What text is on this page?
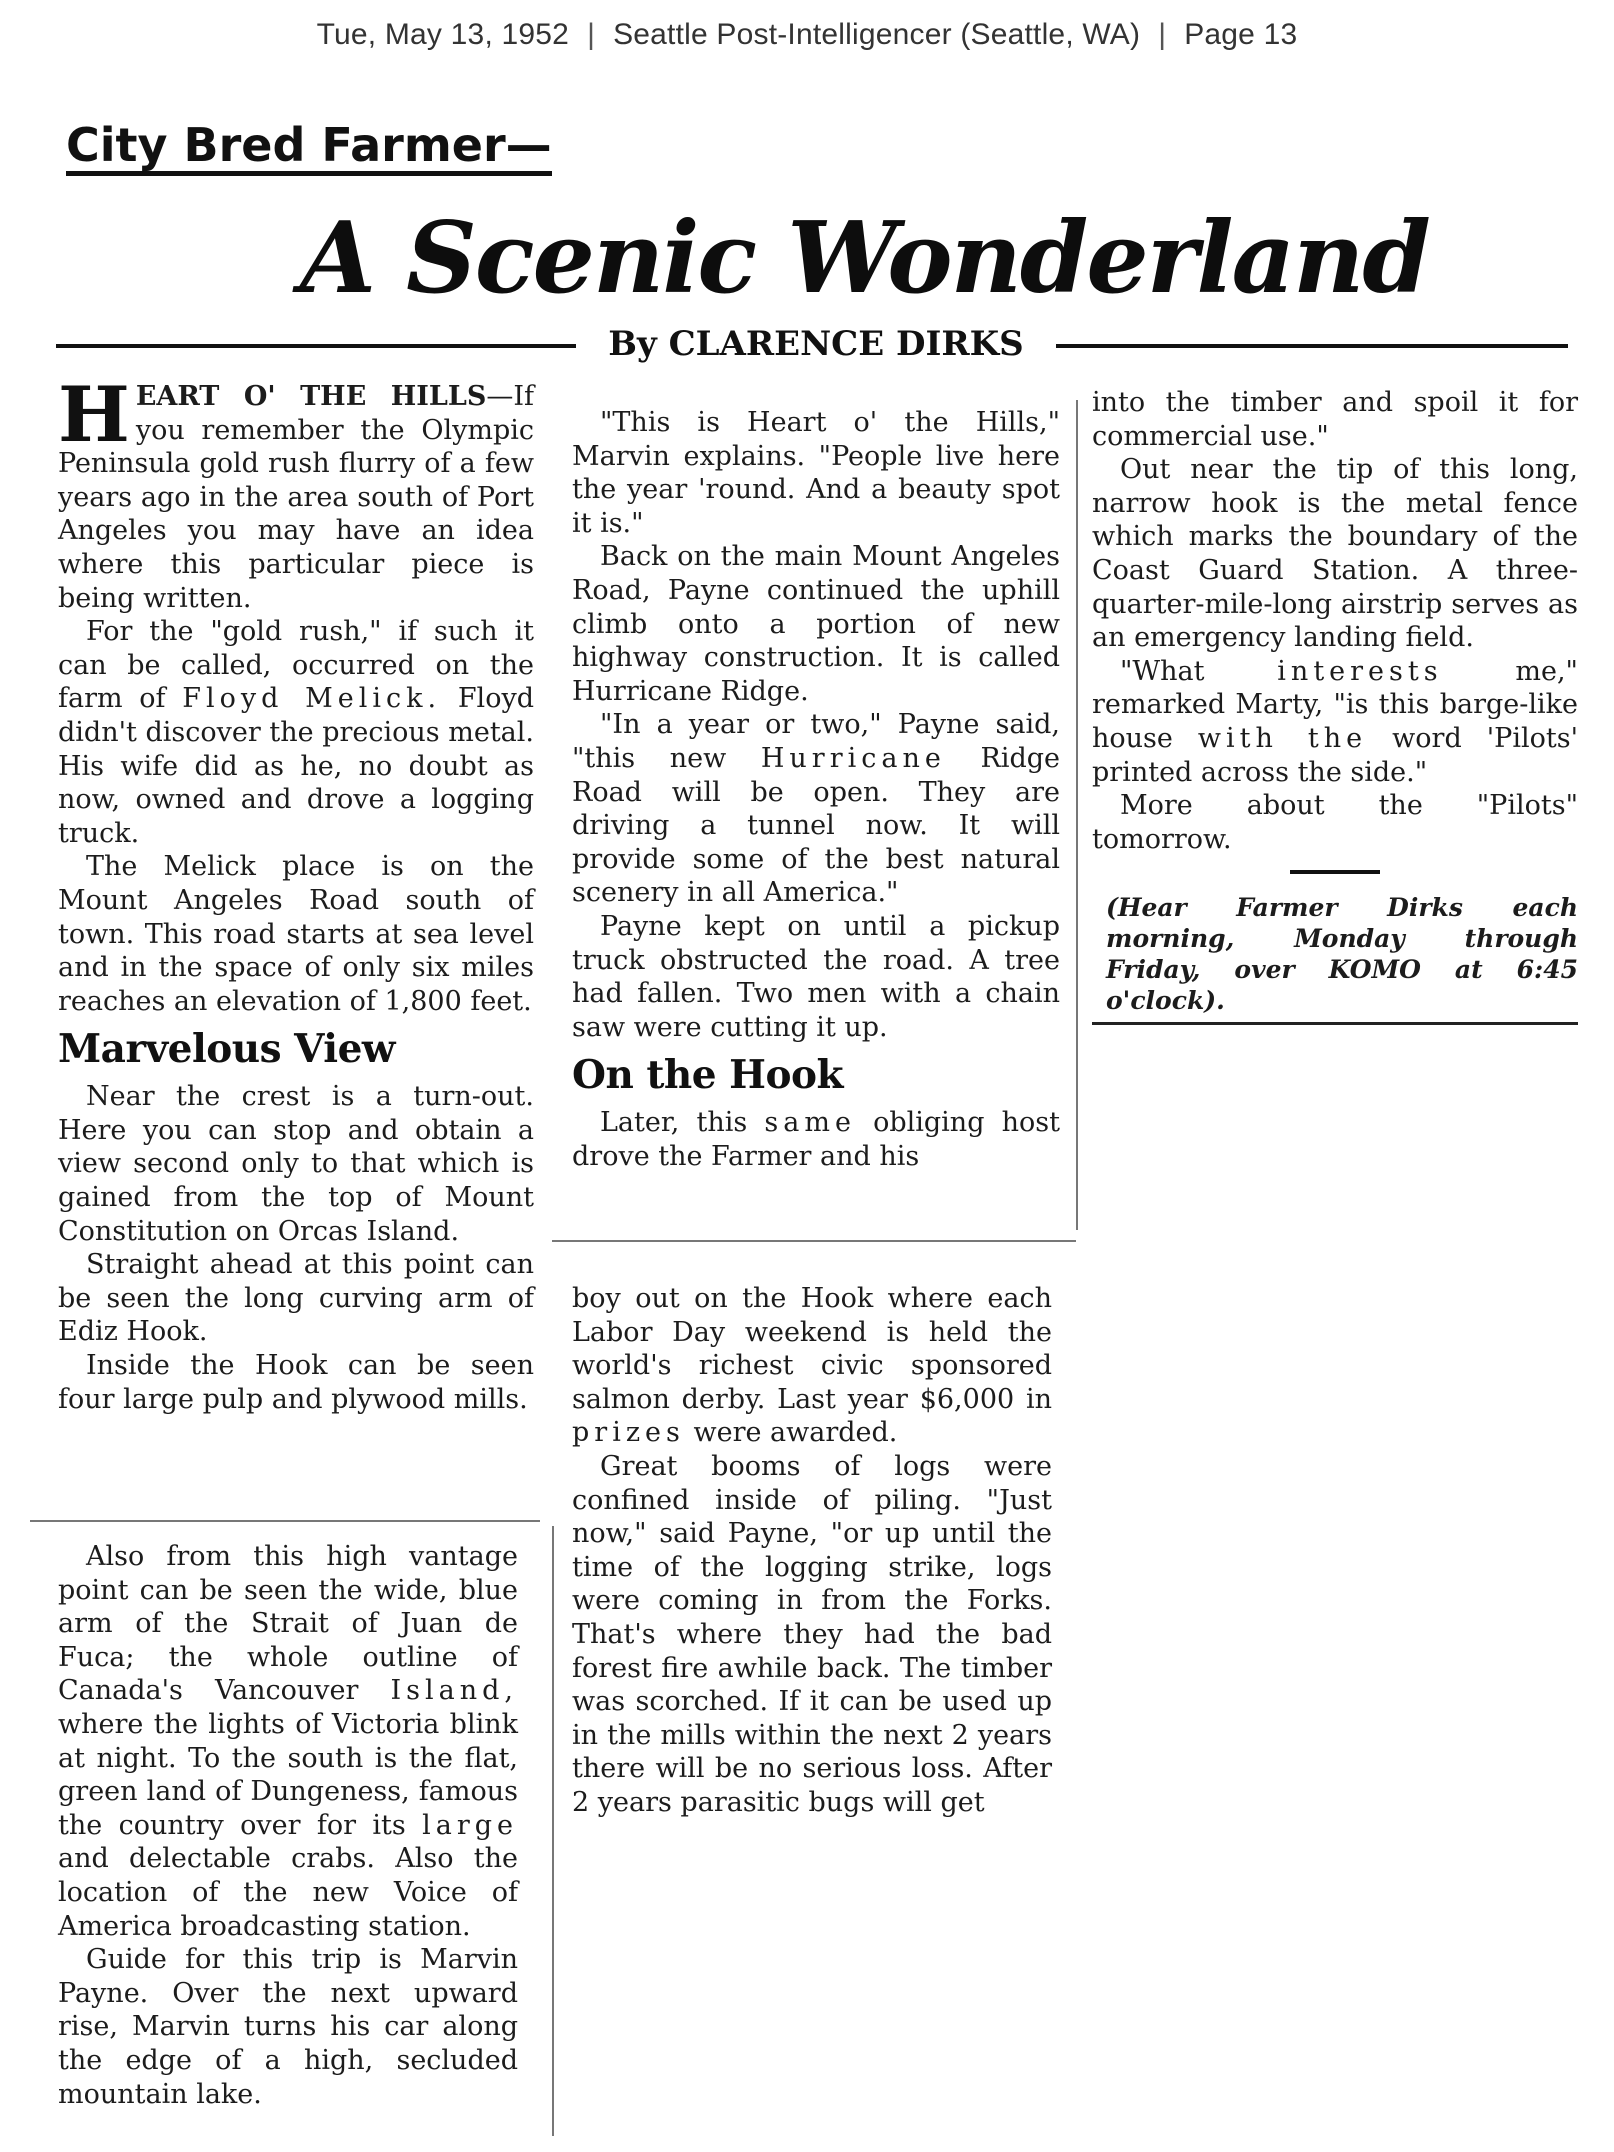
Tue, May 13, 1952 | Seattle Post-Intelligencer (Seattle, WA) | Page 13
City Bred Farmer—
A Scenic Wonderland
By CLARENCE DIRKS

HEART O' THE HILLS—If you remember the Olympic Peninsula gold rush flurry of a few years ago in the area south of Port Angeles you may have an idea where this particular piece is being written.

For the "gold rush," if such it can be called, occurred on the farm of Floyd Melick. Floyd didn't discover the precious metal. His wife did as he, no doubt as now, owned and drove a logging truck.

The Melick place is on the Mount Angeles Road south of town. This road starts at sea level and in the space of only six miles reaches an elevation of 1,800 feet.

Marvelous View

Near the crest is a turn-out. Here you can stop and obtain a view second only to that which is gained from the top of Mount Constitution on Orcas Island.

Straight ahead at this point can be seen the long curving arm of Ediz Hook.

Inside the Hook can be seen four large pulp and plywood mills.

Also from this high vantage point can be seen the wide, blue arm of the Strait of Juan de Fuca; the whole outline of Canada's Vancouver Island, where the lights of Victoria blink at night. To the south is the flat, green land of Dungeness, famous the country over for its large and delectable crabs. Also the location of the new Voice of America broadcasting station.

Guide for this trip is Marvin Payne. Over the next upward rise, Marvin turns his car along the edge of a high, secluded mountain lake.

"This is Heart o' the Hills," Marvin explains. "People live here the year 'round. And a beauty spot it is."

Back on the main Mount Angeles Road, Payne continued the uphill climb onto a portion of new highway construction. It is called Hurricane Ridge.

"In a year or two," Payne said, "this new Hurricane Ridge Road will be open. They are driving a tunnel now. It will provide some of the best natural scenery in all America."

Payne kept on until a pickup truck obstructed the road. A tree had fallen. Two men with a chain saw were cutting it up.

On the Hook

Later, this same obliging host drove the Farmer and his

boy out on the Hook where each Labor Day weekend is held the world's richest civic sponsored salmon derby. Last year $6,000 in prizes were awarded.

Great booms of logs were confined inside of piling. "Just now," said Payne, "or up until the time of the logging strike, logs were coming in from the Forks. That's where they had the bad forest fire awhile back. The timber was scorched. If it can be used up in the mills within the next 2 years there will be no serious loss. After 2 years parasitic bugs will get

into the timber and spoil it for commercial use."

Out near the tip of this long, narrow hook is the metal fence which marks the boundary of the Coast Guard Station. A three-quarter-mile-long airstrip serves as an emergency landing field.

"What	interests	me," remarked Marty, "is this barge-like house with the word 'Pilots' printed across the side."

More about the "Pilots" tomorrow.

(Hear Farmer Dirks each morning, Monday through Friday, over KOMO at 6:45 o'clock).
